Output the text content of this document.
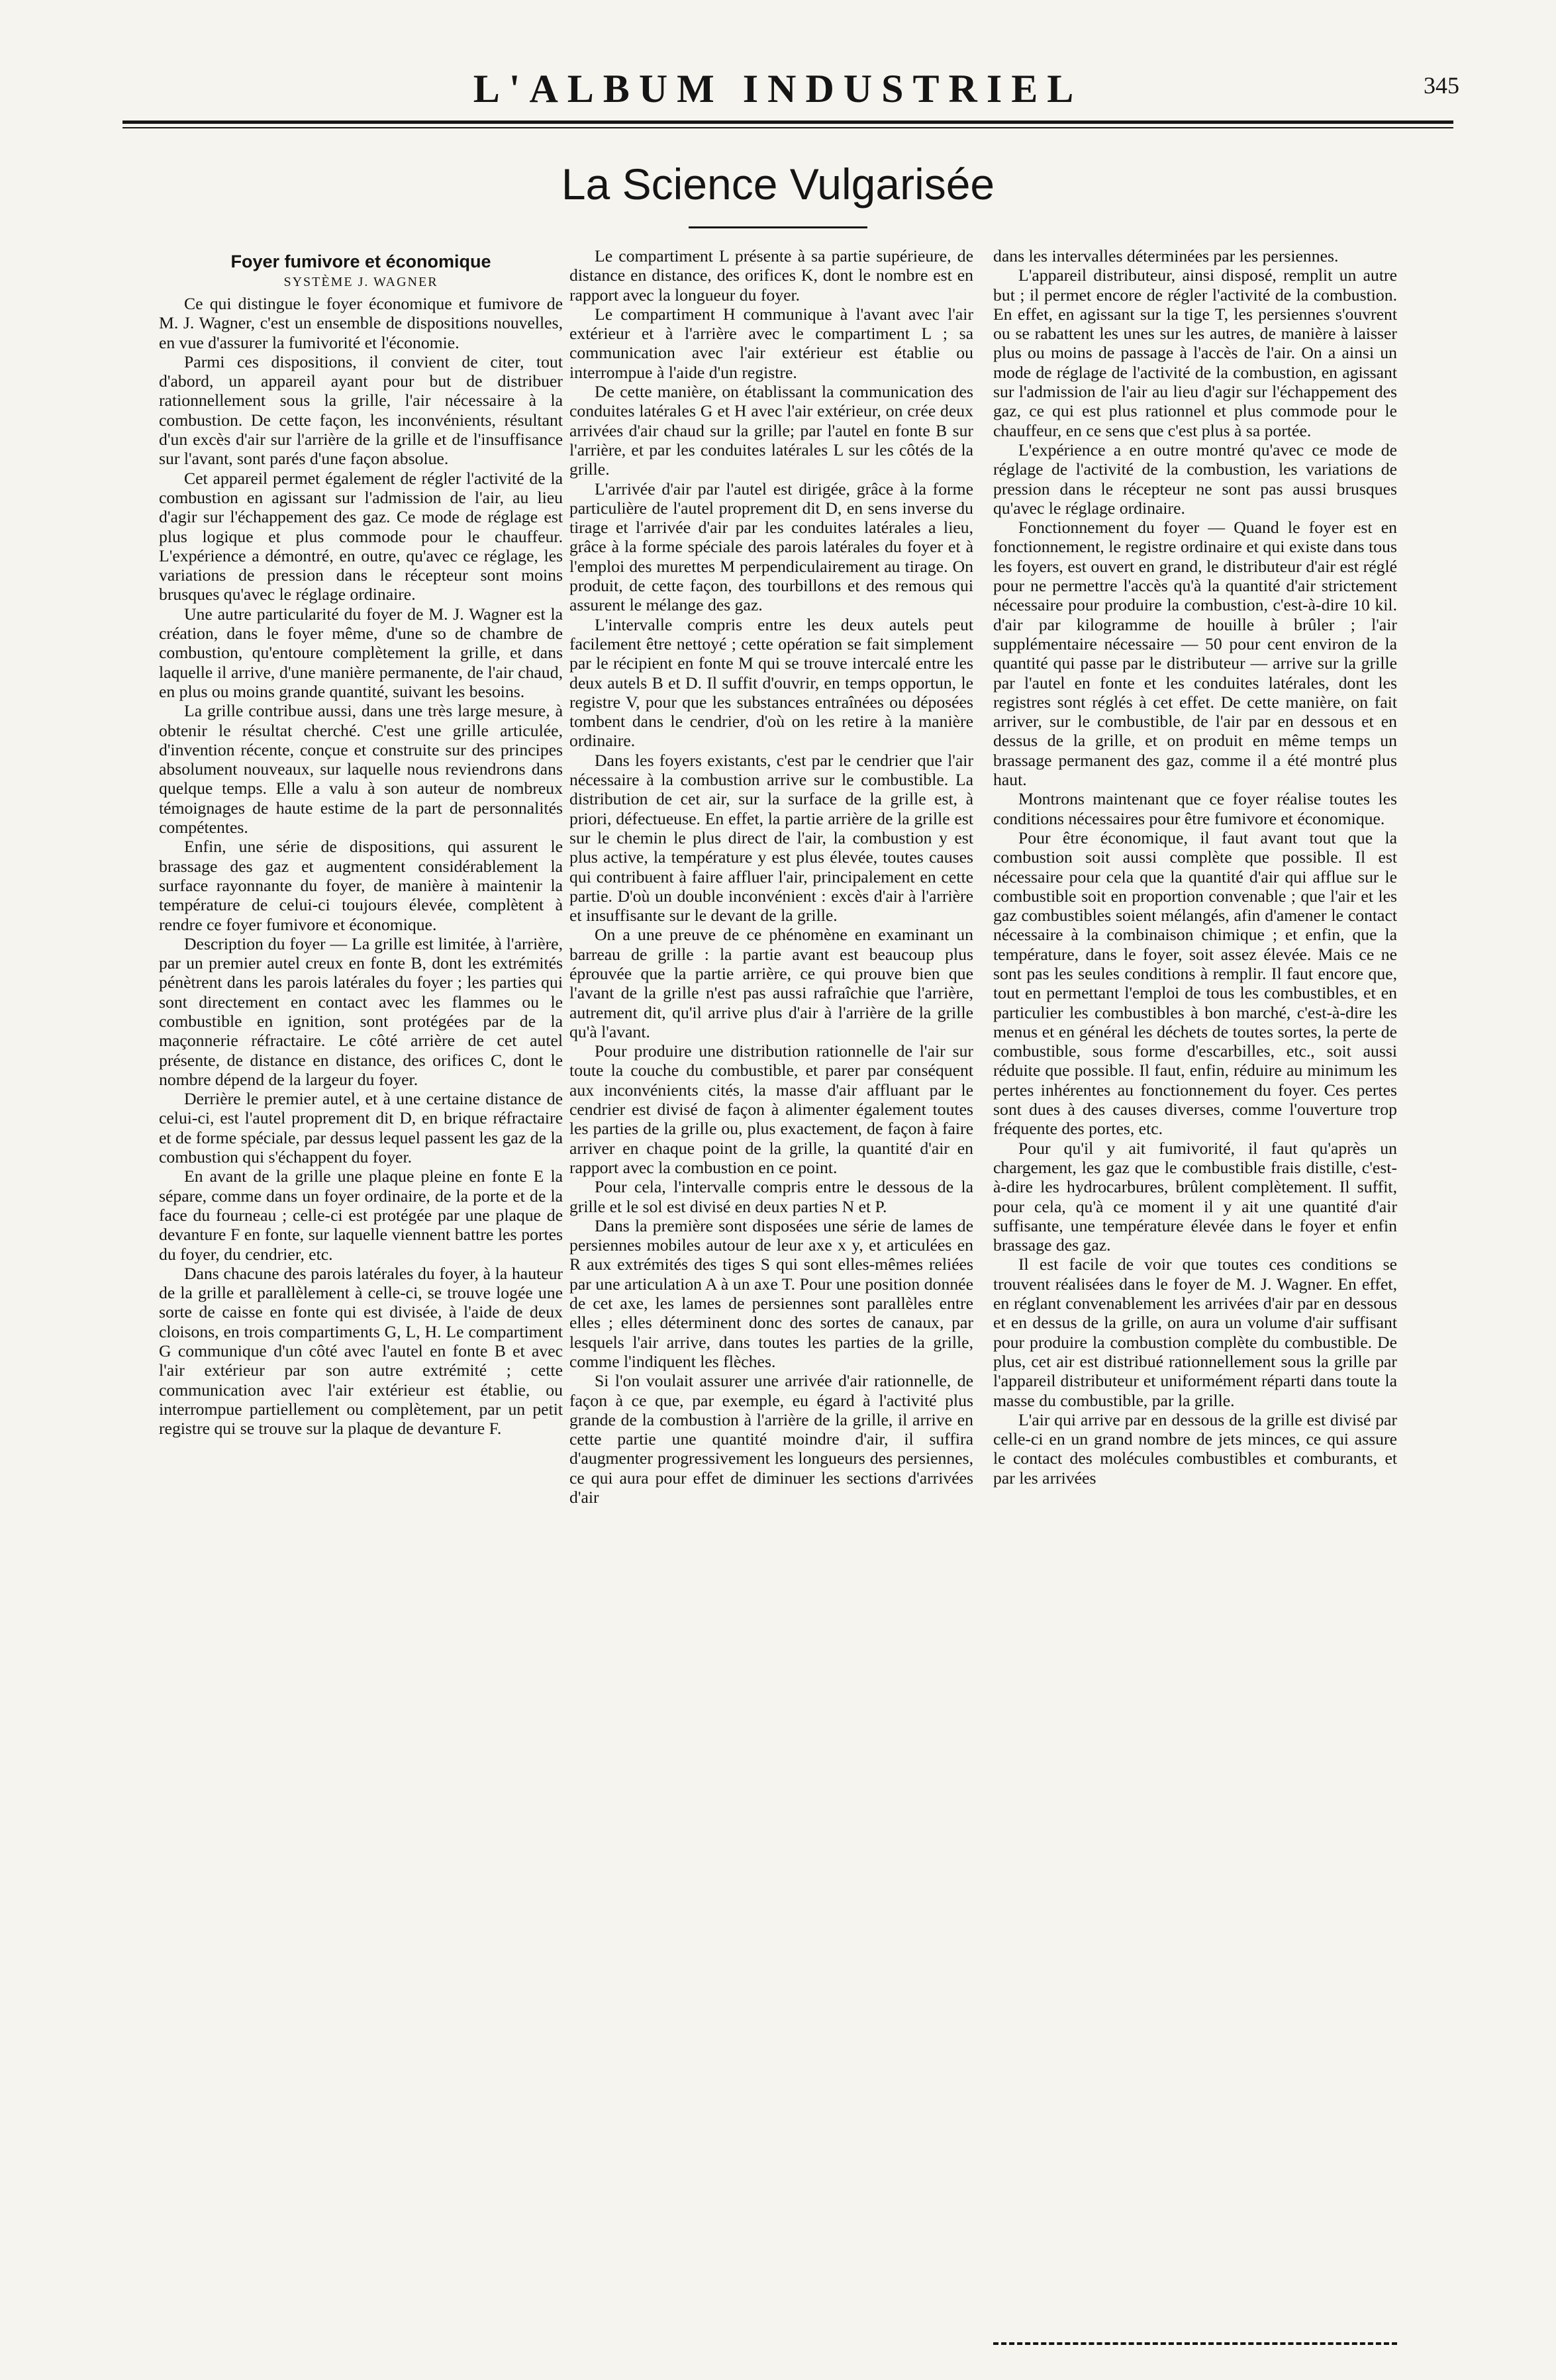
L'ALBUM INDUSTRIEL	345
La Science Vulgarisée
Foyer fumivore et économique
SYSTÈME J. WAGNER

Ce qui distingue le foyer économique et fumivore de M. J. Wagner, c'est un ensemble de dispositions nouvelles, en vue d'assurer la fumivorité et l'économie.

Parmi ces dispositions, il convient de citer, tout d'abord, un appareil ayant pour but de distribuer rationnellement sous la grille, l'air nécessaire à la combustion. De cette façon, les inconvénients, résultant d'un excès d'air sur l'arrière de la grille et de l'insuffisance sur l'avant, sont parés d'une façon absolue.

Cet appareil permet également de régler l'activité de la combustion en agissant sur l'admission de l'air, au lieu d'agir sur l'échappement des gaz. Ce mode de réglage est plus logique et plus commode pour le chauffeur. L'expérience a démontré, en outre, qu'avec ce réglage, les variations de pression dans le récepteur sont moins brusques qu'avec le réglage ordinaire.

Une autre particularité du foyer de M. J. Wagner est la création, dans le foyer même, d'une so de chambre de combustion, qu'entoure complètement la grille, et dans laquelle il arrive, d'une manière permanente, de l'air chaud, en plus ou moins grande quantité, suivant les besoins.

La grille contribue aussi, dans une très large mesure, à obtenir le résultat cherché. C'est une grille articulée, d'invention récente, conçue et construite sur des principes absolument nouveaux, sur laquelle nous reviendrons dans quelque temps. Elle a valu à son auteur de nombreux témoignages de haute estime de la part de personnalités compétentes.

Enfin, une série de dispositions, qui assurent le brassage des gaz et augmentent considérablement la surface rayonnante du foyer, de manière à maintenir la température de celui-ci toujours élevée, complètent à rendre ce foyer fumivore et économique.

Description du foyer — La grille est limitée, à l'arrière, par un premier autel creux en fonte B, dont les extrémités pénètrent dans les parois latérales du foyer ; les parties qui sont directement en contact avec les flammes ou le combustible en ignition, sont protégées par de la maçonnerie réfractaire. Le côté arrière de cet autel présente, de distance en distance, des orifices C, dont le nombre dépend de la largeur du foyer.

Derrière le premier autel, et à une certaine distance de celui-ci, est l'autel proprement dit D, en brique réfractaire et de forme spéciale, par dessus lequel passent les gaz de la combustion qui s'échappent du foyer.

En avant de la grille une plaque pleine en fonte E la sépare, comme dans un foyer ordinaire, de la porte et de la face du fourneau ; celle-ci est protégée par une plaque de devanture F en fonte, sur laquelle viennent battre les portes du foyer, du cendrier, etc.

Dans chacune des parois latérales du foyer, à la hauteur de la grille et parallèlement à celle-ci, se trouve logée une sorte de caisse en fonte qui est divisée, à l'aide de deux cloisons, en trois compartiments G, L, H. Le compartiment G communique d'un côté avec l'autel en fonte B et avec l'air extérieur par son autre extrémité ; cette communication avec l'air extérieur est établie, ou interrompue partiellement ou complètement, par un petit registre qui se trouve sur la plaque de devanture F.

Le compartiment L présente à sa partie supérieure, de distance en distance, des orifices K, dont le nombre est en rapport avec la longueur du foyer.

Le compartiment H communique à l'avant avec l'air extérieur et à l'arrière avec le compartiment L ; sa communication avec l'air extérieur est établie ou interrompue à l'aide d'un registre.

De cette manière, on établissant la communication des conduites latérales G et H avec l'air extérieur, on crée deux arrivées d'air chaud sur la grille; par l'autel en fonte B sur l'arrière, et par les conduites latérales L sur les côtés de la grille.

L'arrivée d'air par l'autel est dirigée, grâce à la forme particulière de l'autel proprement dit D, en sens inverse du tirage et l'arrivée d'air par les conduites latérales a lieu, grâce à la forme spéciale des parois latérales du foyer et à l'emploi des murettes M perpendiculairement au tirage. On produit, de cette façon, des tourbillons et des remous qui assurent le mélange des gaz.

L'intervalle compris entre les deux autels peut facilement être nettoyé ; cette opération se fait simplement par le récipient en fonte M qui se trouve intercalé entre les deux autels B et D. Il suffit d'ouvrir, en temps opportun, le registre V, pour que les substances entraînées ou déposées tombent dans le cendrier, d'où on les retire à la manière ordinaire.

Dans les foyers existants, c'est par le cendrier que l'air nécessaire à la combustion arrive sur le combustible. La distribution de cet air, sur la surface de la grille est, à priori, défectueuse. En effet, la partie arrière de la grille est sur le chemin le plus direct de l'air, la combustion y est plus active, la température y est plus élevée, toutes causes qui contribuent à faire affluer l'air, principalement en cette partie. D'où un double inconvénient : excès d'air à l'arrière et insuffisante sur le devant de la grille.

On a une preuve de ce phénomène en examinant un barreau de grille : la partie avant est beaucoup plus éprouvée que la partie arrière, ce qui prouve bien que l'avant de la grille n'est pas aussi rafraîchie que l'arrière, autrement dit, qu'il arrive plus d'air à l'arrière de la grille qu'à l'avant.

Pour produire une distribution rationnelle de l'air sur toute la couche du combustible, et parer par conséquent aux inconvénients cités, la masse d'air affluant par le cendrier est divisé de façon à alimenter également toutes les parties de la grille ou, plus exactement, de façon à faire arriver en chaque point de la grille, la quantité d'air en rapport avec la combustion en ce point.

Pour cela, l'intervalle compris entre le dessous de la grille et le sol est divisé en deux parties N et P.

Dans la première sont disposées une série de lames de persiennes mobiles autour de leur axe x y, et articulées en R aux extrémités des tiges S qui sont elles-mêmes reliées par une articulation A à un axe T. Pour une position donnée de cet axe, les lames de persiennes sont parallèles entre elles ; elles déterminent donc des sortes de canaux, par lesquels l'air arrive, dans toutes les parties de la grille, comme l'indiquent les flèches.

Si l'on voulait assurer une arrivée d'air rationnelle, de façon à ce que, par exemple, eu égard à l'activité plus grande de la combustion à l'arrière de la grille, il arrive en cette partie une quantité moindre d'air, il suffira d'augmenter progressivement les longueurs des persiennes, ce qui aura pour effet de diminuer les sections d'arrivées d'air

dans les intervalles déterminées par les persiennes.

L'appareil distributeur, ainsi disposé, remplit un autre but ; il permet encore de régler l'activité de la combustion. En effet, en agissant sur la tige T, les persiennes s'ouvrent ou se rabattent les unes sur les autres, de manière à laisser plus ou moins de passage à l'accès de l'air. On a ainsi un mode de réglage de l'activité de la combustion, en agissant sur l'admission de l'air au lieu d'agir sur l'échappement des gaz, ce qui est plus rationnel et plus commode pour le chauffeur, en ce sens que c'est plus à sa portée.

L'expérience a en outre montré qu'avec ce mode de réglage de l'activité de la combustion, les variations de pression dans le récepteur ne sont pas aussi brusques qu'avec le réglage ordinaire.

Fonctionnement du foyer — Quand le foyer est en fonctionnement, le registre ordinaire et qui existe dans tous les foyers, est ouvert en grand, le distributeur d'air est réglé pour ne permettre l'accès qu'à la quantité d'air strictement nécessaire pour produire la combustion, c'est-à-dire 10 kil. d'air par kilogramme de houille à brûler ; l'air supplémentaire nécessaire — 50 pour cent environ de la quantité qui passe par le distributeur — arrive sur la grille par l'autel en fonte et les conduites latérales, dont les registres sont réglés à cet effet. De cette manière, on fait arriver, sur le combustible, de l'air par en dessous et en dessus de la grille, et on produit en même temps un brassage permanent des gaz, comme il a été montré plus haut.

Montrons maintenant que ce foyer réalise toutes les conditions nécessaires pour être fumivore et économique.

Pour être économique, il faut avant tout que la combustion soit aussi complète que possible. Il est nécessaire pour cela que la quantité d'air qui afflue sur le combustible soit en proportion convenable ; que l'air et les gaz combustibles soient mélangés, afin d'amener le contact nécessaire à la combinaison chimique ; et enfin, que la température, dans le foyer, soit assez élevée. Mais ce ne sont pas les seules conditions à remplir. Il faut encore que, tout en permettant l'emploi de tous les combustibles, et en particulier les combustibles à bon marché, c'est-à-dire les menus et en général les déchets de toutes sortes, la perte de combustible, sous forme d'escarbilles, etc., soit aussi réduite que possible. Il faut, enfin, réduire au minimum les pertes inhérentes au fonctionnement du foyer. Ces pertes sont dues à des causes diverses, comme l'ouverture trop fréquente des portes, etc.

Pour qu'il y ait fumivorité, il faut qu'après un chargement, les gaz que le combustible frais distille, c'est-à-dire les hydrocarbures, brûlent complètement. Il suffit, pour cela, qu'à ce moment il y ait une quantité d'air suffisante, une température élevée dans le foyer et enfin brassage des gaz.

Il est facile de voir que toutes ces conditions se trouvent réalisées dans le foyer de M. J. Wagner. En effet, en réglant convenablement les arrivées d'air par en dessous et en dessus de la grille, on aura un volume d'air suffisant pour produire la combustion complète du combustible. De plus, cet air est distribué rationnellement sous la grille par l'appareil distributeur et uniformément réparti dans toute la masse du combustible, par la grille.

L'air qui arrive par en dessous de la grille est divisé par celle-ci en un grand nombre de jets minces, ce qui assure le contact des molécules combustibles et comburants, et par les arrivées
